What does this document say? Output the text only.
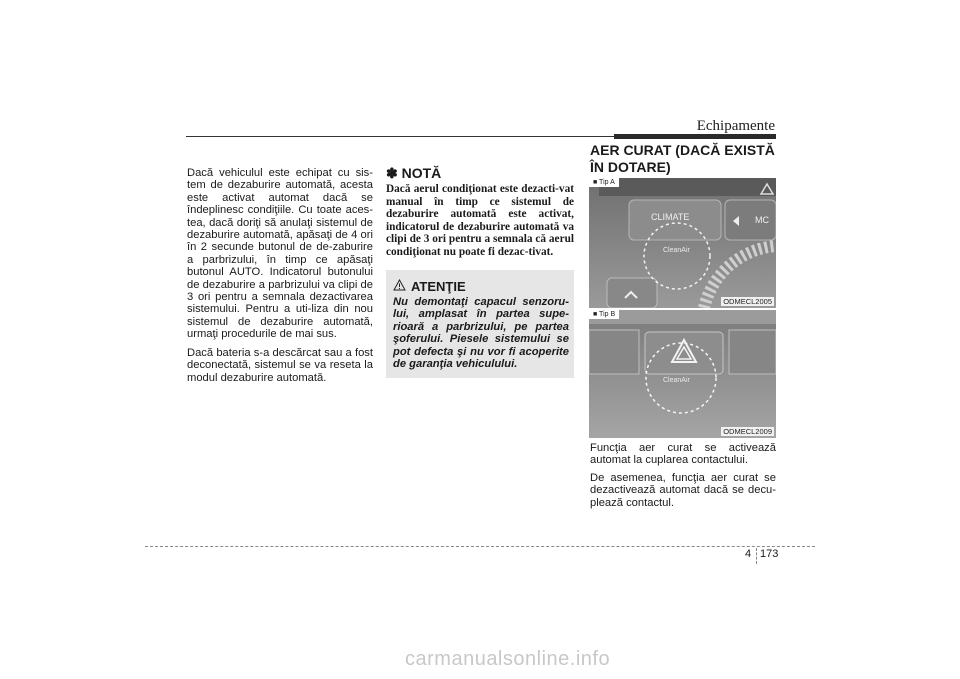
Echipamente

Dacă vehiculul este echipat cu sis-tem de dezaburire automată, acesta este activat automat dacă se îndeplinesc condiţiile. Cu toate aces-tea, dacă doriţi să anulaţi sistemul de dezaburire automată, apăsaţi de 4 ori în 2 secunde butonul de de-zaburire a parbrizului, în timp ce apăsaţi butonul AUTO. Indicatorul butonului de dezaburire a parbrizului va clipi de 3 ori pentru a semnala dezactivarea sistemului. Pentru a uti-liza din nou sistemul de dezaburire automată, urmaţi procedurile de mai sus.

Dacă bateria s-a descărcat sau a fost deconectată, sistemul se va reseta la modul dezaburire automată.

✽ NOTĂ
Dacă aerul condiţionat este dezacti-vat manual în timp ce sistemul de dezaburire automată este activat, indicatorul de dezaburire automată va clipi de 3 ori pentru a semnala că aerul condiţionat nu poate fi dezac-tivat.
ATENŢIE
Nu demontaţi capacul senzoru-lui, amplasat în partea supe-rioară a parbrizului, pe partea şoferului. Piesele sistemului se pot defecta şi nu vor fi acoperite de garanţia vehiculului.
AER CURAT (DACĂ EXISTĂ ÎN DOTARE)
CLIMATE	MC
CleanAir
■ Tip A
ODMECL2005
CleanAir
■ Tip B
ODMECL2009

Funcţia aer curat se activează automat la cuplarea contactului.

De asemenea, funcţia aer curat se dezactivează automat dacă se decu-plează contactul.

4 173
carmanualsonline.info
